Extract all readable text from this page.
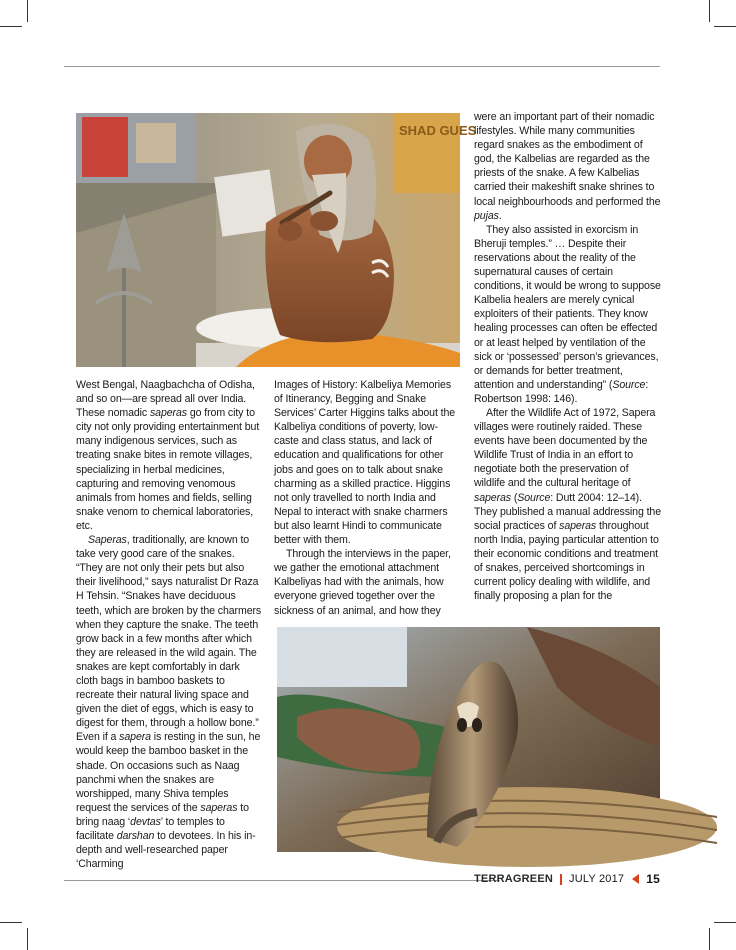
SHAD GUES

West Bengal, Naagbachcha of Odisha, and so on—are spread all over India. These nomadic saperas go from city to city not only providing entertainment but many indigenous services, such as treating snake bites in remote villages, specializing in herbal medicines, capturing and removing venomous animals from homes and fields, selling snake venom to chemical laboratories, etc.

Saperas, traditionally, are known to take very good care of the snakes. “They are not only their pets but also their livelihood,” says naturalist Dr Raza H Tehsin. “Snakes have deciduous teeth, which are broken by the charmers when they capture the snake. The teeth grow back in a few months after which they are released in the wild again. The snakes are kept comfortably in dark cloth bags in bamboo baskets to recreate their natural living space and given the diet of eggs, which is easy to digest for them, through a hollow bone.” Even if a sapera is resting in the sun, he would keep the bamboo basket in the shade. On occasions such as Naag panchmi when the snakes are worshipped, many Shiva temples request the services of the saperas to bring naag ‘devtas’ to temples to facilitate darshan to devotees. In his in-depth and well-researched paper ‘Charming

Images of History: Kalbeliya Memories of Itinerancy, Begging and Snake Services’ Carter Higgins talks about the Kalbeliya conditions of poverty, low-caste and class status, and lack of education and qualifications for other jobs and goes on to talk about snake charming as a skilled practice. Higgins not only travelled to north India and Nepal to interact with snake charmers but also learnt Hindi to communicate better with them.

Through the interviews in the paper, we gather the emotional attachment Kalbeliyas had with the animals, how everyone grieved together over the sickness of an animal, and how they

were an important part of their nomadic lifestyles. While many communities regard snakes as the embodiment of god, the Kalbelias are regarded as the priests of the snake. A few Kalbelias carried their makeshift snake shrines to local neighbourhoods and performed the pujas.

They also assisted in exorcism in Bheruji temples.” … Despite their reservations about the reality of the supernatural causes of certain conditions, it would be wrong to suppose Kalbelia healers are merely cynical exploiters of their patients. They know healing processes can often be effected or at least helped by ventilation of the sick or ‘possessed’ person’s grievances, or demands for better treatment, attention and understanding” (Source: Robertson 1998: 146).

After the Wildlife Act of 1972, Sapera villages were routinely raided. These events have been documented by the Wildlife Trust of India in an effort to negotiate both the preservation of wildlife and the cultural heritage of saperas (Source: Dutt 2004: 12–14). They published a manual addressing the social practices of saperas throughout north India, paying particular attention to their economic conditions and treatment of snakes, perceived shortcomings in current policy dealing with wildlife, and finally proposing a plan for the

TERRAGREEN JULY 2017 15
